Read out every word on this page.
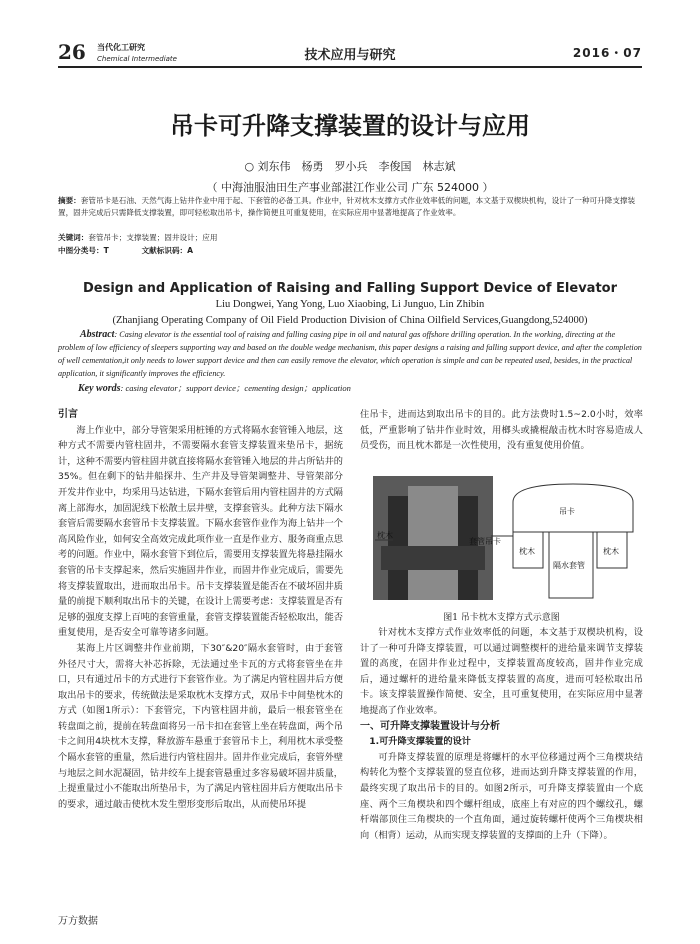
26 当代化工研究
Chemical Intermediate	技术应用与研究	2016・07
吊卡可升降支撑装置的设计与应用
○ 刘东伟　杨勇　罗小兵　李俊国　林志斌
（ 中海油服油田生产事业部湛江作业公司 广东 524000 ）
摘要：套管吊卡是石油、天然气海上钻井作业中用于起、下套管的必备工具。作业中，针对枕木支撑方式作业效率低的问题，本文基于双楔块机构，设计了一种可升降支撑装置，固井完成后只需降低支撑装置，即可轻松取出吊卡，操作简便且可重复使用，在实际应用中显著地提高了作业效率。
关键词：套管吊卡；支撑装置；固井设计；应用
中图分类号：T	文献标识码：A
Design and Application of Raising and Falling Support Device of Elevator
Liu Dongwei, Yang Yong, Luo Xiaobing, Li Junguo, Lin Zhibin
(Zhanjiang Operating Company of Oil Field Production Division of China Oilfield Services,Guangdong,524000)
Abstract: Casing elevator is the essential tool of raising and falling casing pipe in oil and natural gas offshore drilling operation. In the working, directing at the problem of low efficiency of sleepers supporting way and based on the double wedge mechanism, this paper designs a raising and falling support device, and after the completion of well cementation,it only needs to lower support device and then can easily remove the elevator, which operation is simple and can be repeated used, besides, in the practical application, it significantly improves the efficiency.
Key words: casing elevator；support device；cementing design；application

引言

海上作业中，部分导管架采用桩锤的方式将隔水套管锤入地层，这种方式不需要内管柱固井，不需要隔水套管支撑装置来垫吊卡，据统计，这种不需要内管柱固井就直接将隔水套管锤入地层的井占所钻井的35%。但在剩下的钻井船探井、生产井及导管架调整井、导管架部分开发井作业中，均采用马达钻进，下隔水套管后用内管柱固井的方式隔离上部海水，加固泥线下松散土层井壁，支撑套管头。此种方法下隔水套管后需要隔水套管吊卡支撑装置。下隔水套管作业作为海上钻井一个高风险作业，如何安全高效完成此项作业一直是作业方、服务商重点思考的问题。作业中，隔水套管下到位后，需要用支撑装置先将悬挂隔水套管的吊卡支撑起来，然后实施固井作业，而固井作业完成后，需要先将支撑装置取出，进而取出吊卡。吊卡支撑装置是能否在不破坏固井质量的前提下顺利取出吊卡的关键，在设计上需要考虑：支撑装置是否有足够的强度支撑上百吨的套管重量，套管支撑装置能否轻松取出，能否重复使用，是否安全可靠等诸多问题。

某海上片区调整井作业前期，下30″&20″隔水套管时，由于套管外径尺寸大，需将大补芯拆除，无法通过坐卡瓦的方式将套管坐在井口，只有通过吊卡的方式进行下套管作业。为了满足内管柱固井后方便取出吊卡的要求，传统做法是采取枕木支撑方式，双吊卡中间垫枕木的方式（如图1所示）：下套管完，下内管柱固井前，最后一根套管坐在转盘面之前，提前在转盘面将另一吊卡扣在套管上坐在转盘面，两个吊卡之间用4块枕木支撑，释放游车悬重于套管吊卡上，利用枕木承受整个隔水套管的重量，然后进行内管柱固井。固井作业完成后，套管外壁与地层之间水泥凝固，钻井绞车上提套管悬重过多容易破坏固井质量，上提重量过小不能取出所垫吊卡，为了满足内管柱固井后方便取出吊卡的要求，通过敲击使枕木发生塑形变形后取出，从而使吊环提

住吊卡，进而达到取出吊卡的目的。此方法费时1.5~2.0小时，效率低，严重影响了钻井作业时效，用榔头或撬棍敲击枕木时容易造成人员受伤，而且枕木都是一次性使用，没有重复使用价值。

枕木
套管吊卡
吊卡
枕木	枕木
隔水套管
图1 吊卡枕木支撑方式示意图

针对枕木支撑方式作业效率低的问题，本文基于双楔块机构，设计了一种可升降支撑装置，可以通过调整楔杆的进给量来调节支撑装置的高度，在固井作业过程中，支撑装置高度较高，固井作业完成后，通过螺杆的进给量来降低支撑装置的高度，进而可轻松取出吊卡。该支撑装置操作简便、安全，且可重复使用，在实际应用中显著地提高了作业效率。

一、可升降支撑装置设计与分析

1.可升降支撑装置的设计

可升降支撑装置的原理是将螺杆的水平位移通过两个三角楔块结构转化为整个支撑装置的竖直位移，进而达到升降支撑装置的作用，最终实现了取出吊卡的目的。如图2所示，可升降支撑装置由一个底座、两个三角楔块和四个螺杆组成，底座上有对应的四个螺纹孔，螺杆端部顶住三角楔块的一个直角面，通过旋转螺杆使两个三角楔块相向（相背）运动，从而实现支撑装置的支撑面的上升（下降）。

万方数据
